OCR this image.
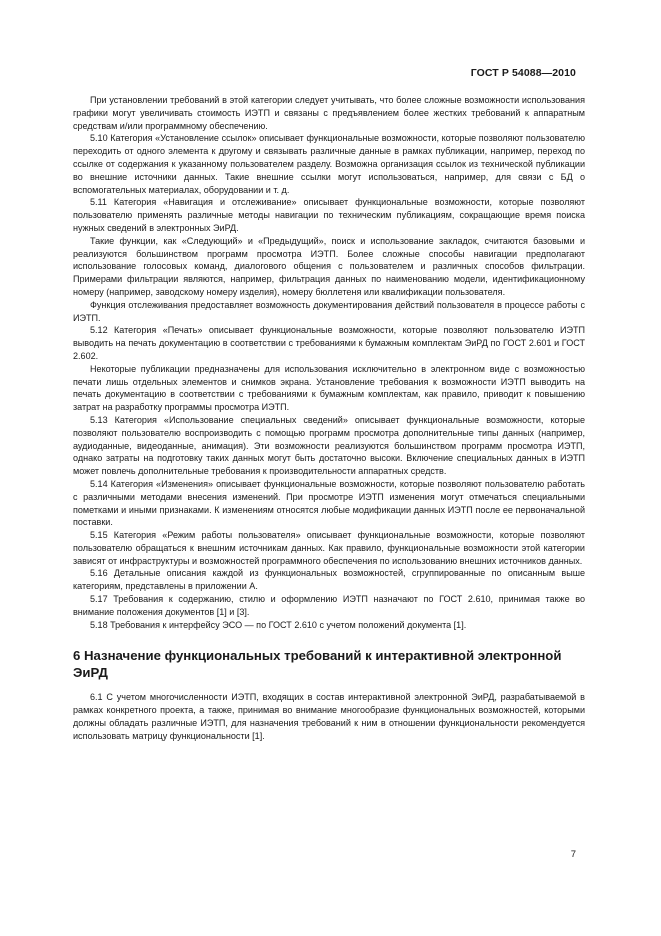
ГОСТ Р 54088—2010

При установлении требований в этой категории следует учитывать, что более сложные возможности использования графики могут увеличивать стоимость ИЭТП и связаны с предъявлением более жестких требований к аппаратным средствам и/или программному обеспечению.

5.10 Категория «Установление ссылок» описывает функциональные возможности, которые позволяют пользователю переходить от одного элемента к другому и связывать различные данные в рамках публикации, например, переход по ссылке от содержания к указанному пользователем разделу. Возможна организация ссылок из технической публикации во внешние источники данных. Такие внешние ссылки могут использоваться, например, для связи с БД о вспомогательных материалах, оборудовании и т. д.

5.11 Категория «Навигация и отслеживание» описывает функциональные возможности, которые позволяют пользователю применять различные методы навигации по техническим публикациям, сокращающие время поиска нужных сведений в электронных ЭиРД.

Такие функции, как «Следующий» и «Предыдущий», поиск и использование закладок, считаются базовыми и реализуются большинством программ просмотра ИЭТП. Более сложные способы навигации предполагают использование голосовых команд, диалогового общения с пользователем и различных способов фильтрации. Примерами фильтрации являются, например, фильтрация данных по наименованию модели, идентификационному номеру (например, заводскому номеру изделия), номеру бюллетеня или квалификации пользователя.

Функция отслеживания предоставляет возможность документирования действий пользователя в процессе работы с ИЭТП.

5.12 Категория «Печать» описывает функциональные возможности, которые позволяют пользователю ИЭТП выводить на печать документацию в соответствии с требованиями к бумажным комплектам ЭиРД по ГОСТ 2.601 и ГОСТ 2.602.

Некоторые публикации предназначены для использования исключительно в электронном виде с возможностью печати лишь отдельных элементов и снимков экрана. Установление требования к возможности ИЭТП выводить на печать документацию в соответствии с требованиями к бумажным комплектам, как правило, приводит к повышению затрат на разработку программы просмотра ИЭТП.

5.13 Категория «Использование специальных сведений» описывает функциональные возможности, которые позволяют пользователю воспроизводить с помощью программ просмотра дополнительные типы данных (например, аудиоданные, видеоданные, анимация). Эти возможности реализуются большинством программ просмотра ИЭТП, однако затраты на подготовку таких данных могут быть достаточно высоки. Включение специальных данных в ИЭТП может повлечь дополнительные требования к производительности аппаратных средств.

5.14 Категория «Изменения» описывает функциональные возможности, которые позволяют пользователю работать с различными методами внесения изменений. При просмотре ИЭТП изменения могут отмечаться специальными пометками и иными признаками. К изменениям относятся любые модификации данных ИЭТП после ее первоначальной поставки.

5.15 Категория «Режим работы пользователя» описывает функциональные возможности, которые позволяют пользователю обращаться к внешним источникам данных. Как правило, функциональные возможности этой категории зависят от инфраструктуры и возможностей программного обеспечения по использованию внешних источников данных.

5.16 Детальные описания каждой из функциональных возможностей, сгруппированные по описанным выше категориям, представлены в приложении А.

5.17 Требования к содержанию, стилю и оформлению ИЭТП назначают по ГОСТ 2.610, принимая также во внимание положения документов [1] и [3].

5.18 Требования к интерфейсу ЭСО — по ГОСТ 2.610 с учетом положений документа [1].

6 Назначение функциональных требований к интерактивной электронной ЭиРД

6.1 С учетом многочисленности ИЭТП, входящих в состав интерактивной электронной ЭиРД, разрабатываемой в рамках конкретного проекта, а также, принимая во внимание многообразие функциональных возможностей, которыми должны обладать различные ИЭТП, для назначения требований к ним в отношении функциональности рекомендуется использовать матрицу функциональности [1].

7
